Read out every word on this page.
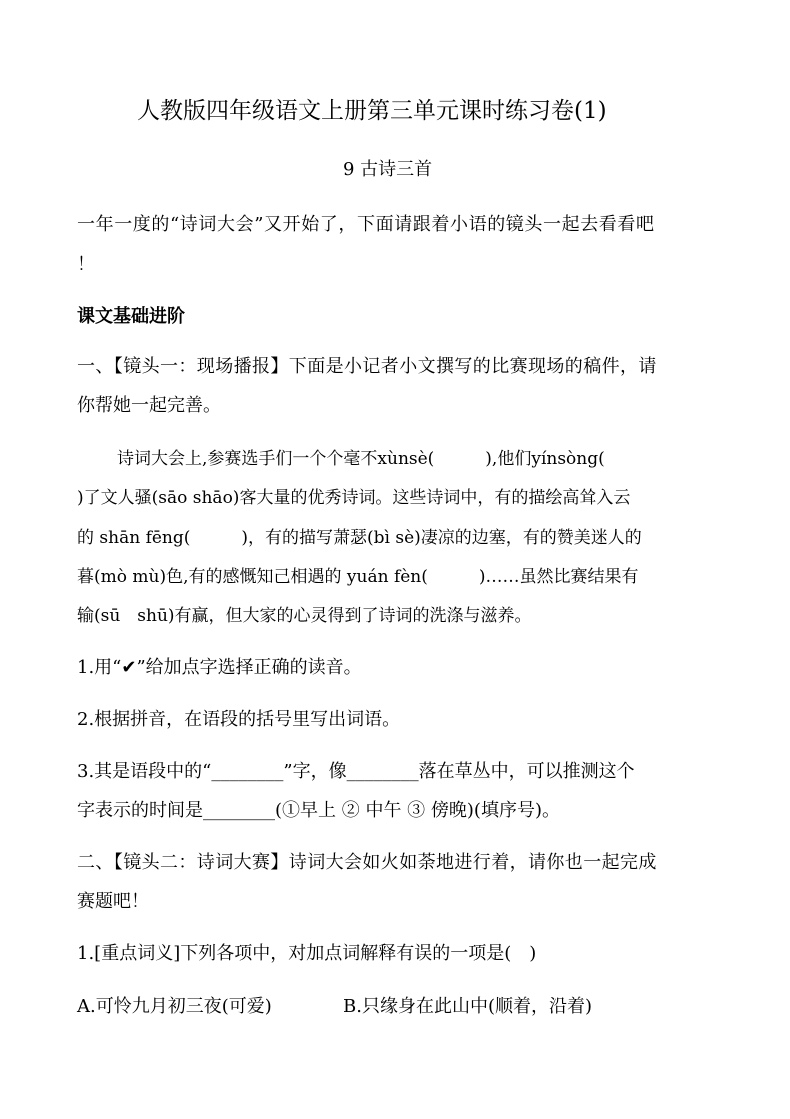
人教版四年级语文上册第三单元课时练习卷(1)
9 古诗三首
一年一度的“诗词大会”又开始了，下面请跟着小语的镜头一起去看看吧
！
课文基础进阶
一、【镜头一：现场播报】下面是小记者小文撰写的比赛现场的稿件，请
你帮她一起完善。
诗词大会上,参赛选手们一个个毫不xùnsè(　　　),他们yínsòng(
)了文人骚(sāo shāo)客大量的优秀诗词。这些诗词中，有的描绘高耸入云
的 shān fēng(　　　)，有的描写萧瑟(bì sè)凄凉的边塞，有的赞美迷人的
暮(mò mù)色,有的感慨知己相遇的 yuán fèn(　　　)……虽然比赛结果有
输(sū　shū)有赢，但大家的心灵得到了诗词的洗涤与滋养。
1.用“✔”给加点字选择正确的读音。
2.根据拼音，在语段的括号里写出词语。
3.其是语段中的“________”字，像________落在草丛中，可以推测这个
字表示的时间是________(①早上 ② 中午 ③ 傍晚)(填序号)。
二、【镜头二：诗词大赛】诗词大会如火如荼地进行着，请你也一起完成
赛题吧！
1.[重点词义]下列各项中，对加点词解释有误的一项是(　)
A.可怜九月初三夜(可爱)	B.只缘身在此山中(顺着，沿着)
